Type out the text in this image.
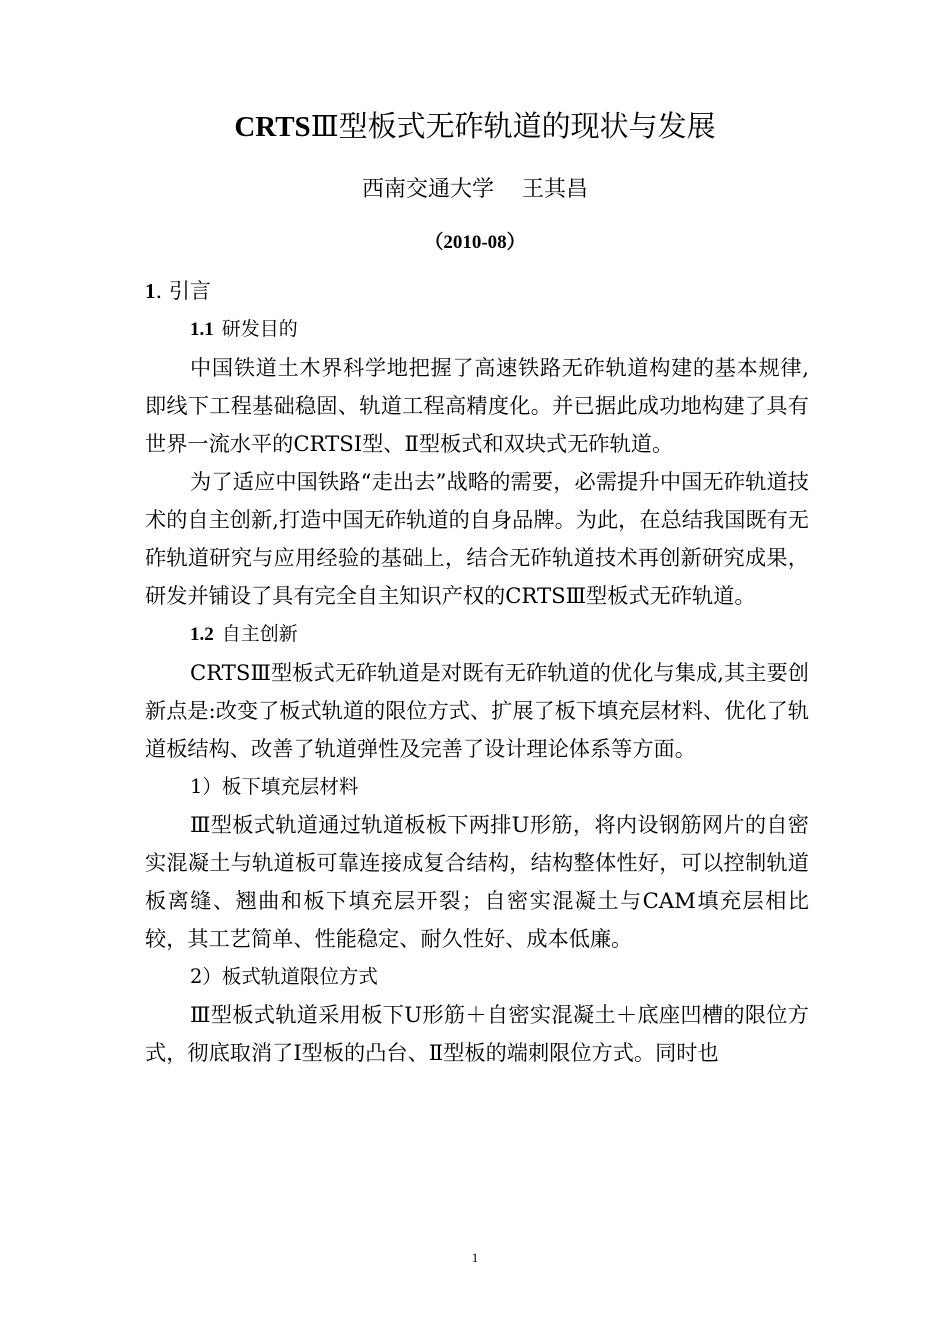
CRTSⅢ型板式无砟轨道的现状与发展
西南交通大学    王其昌
（2010-08）

1. 引言

1.1 研发目的

中国铁道土木界科学地把握了高速铁路无砟轨道构建的基本规律,即线下工程基础稳固、轨道工程高精度化。并已据此成功地构建了具有世界一流水平的CRTSⅠ型、Ⅱ型板式和双块式无砟轨道。

为了适应中国铁路“走出去”战略的需要，必需提升中国无砟轨道技术的自主创新,打造中国无砟轨道的自身品牌。为此，在总结我国既有无砟轨道研究与应用经验的基础上，结合无砟轨道技术再创新研究成果，研发并铺设了具有完全自主知识产权的CRTSⅢ型板式无砟轨道。

1.2 自主创新

CRTSⅢ型板式无砟轨道是对既有无砟轨道的优化与集成,其主要创新点是:改变了板式轨道的限位方式、扩展了板下填充层材料、优化了轨道板结构、改善了轨道弹性及完善了设计理论体系等方面。

1）板下填充层材料

Ⅲ型板式轨道通过轨道板板下两排U形筋，将内设钢筋网片的自密实混凝土与轨道板可靠连接成复合结构，结构整体性好，可以控制轨道板离缝、翘曲和板下填充层开裂；自密实混凝土与CAM填充层相比较，其工艺简单、性能稳定、耐久性好、成本低廉。

2）板式轨道限位方式

Ⅲ型板式轨道采用板下U形筋＋自密实混凝土＋底座凹槽的限位方式，彻底取消了Ⅰ型板的凸台、Ⅱ型板的端刺限位方式。同时也

1
